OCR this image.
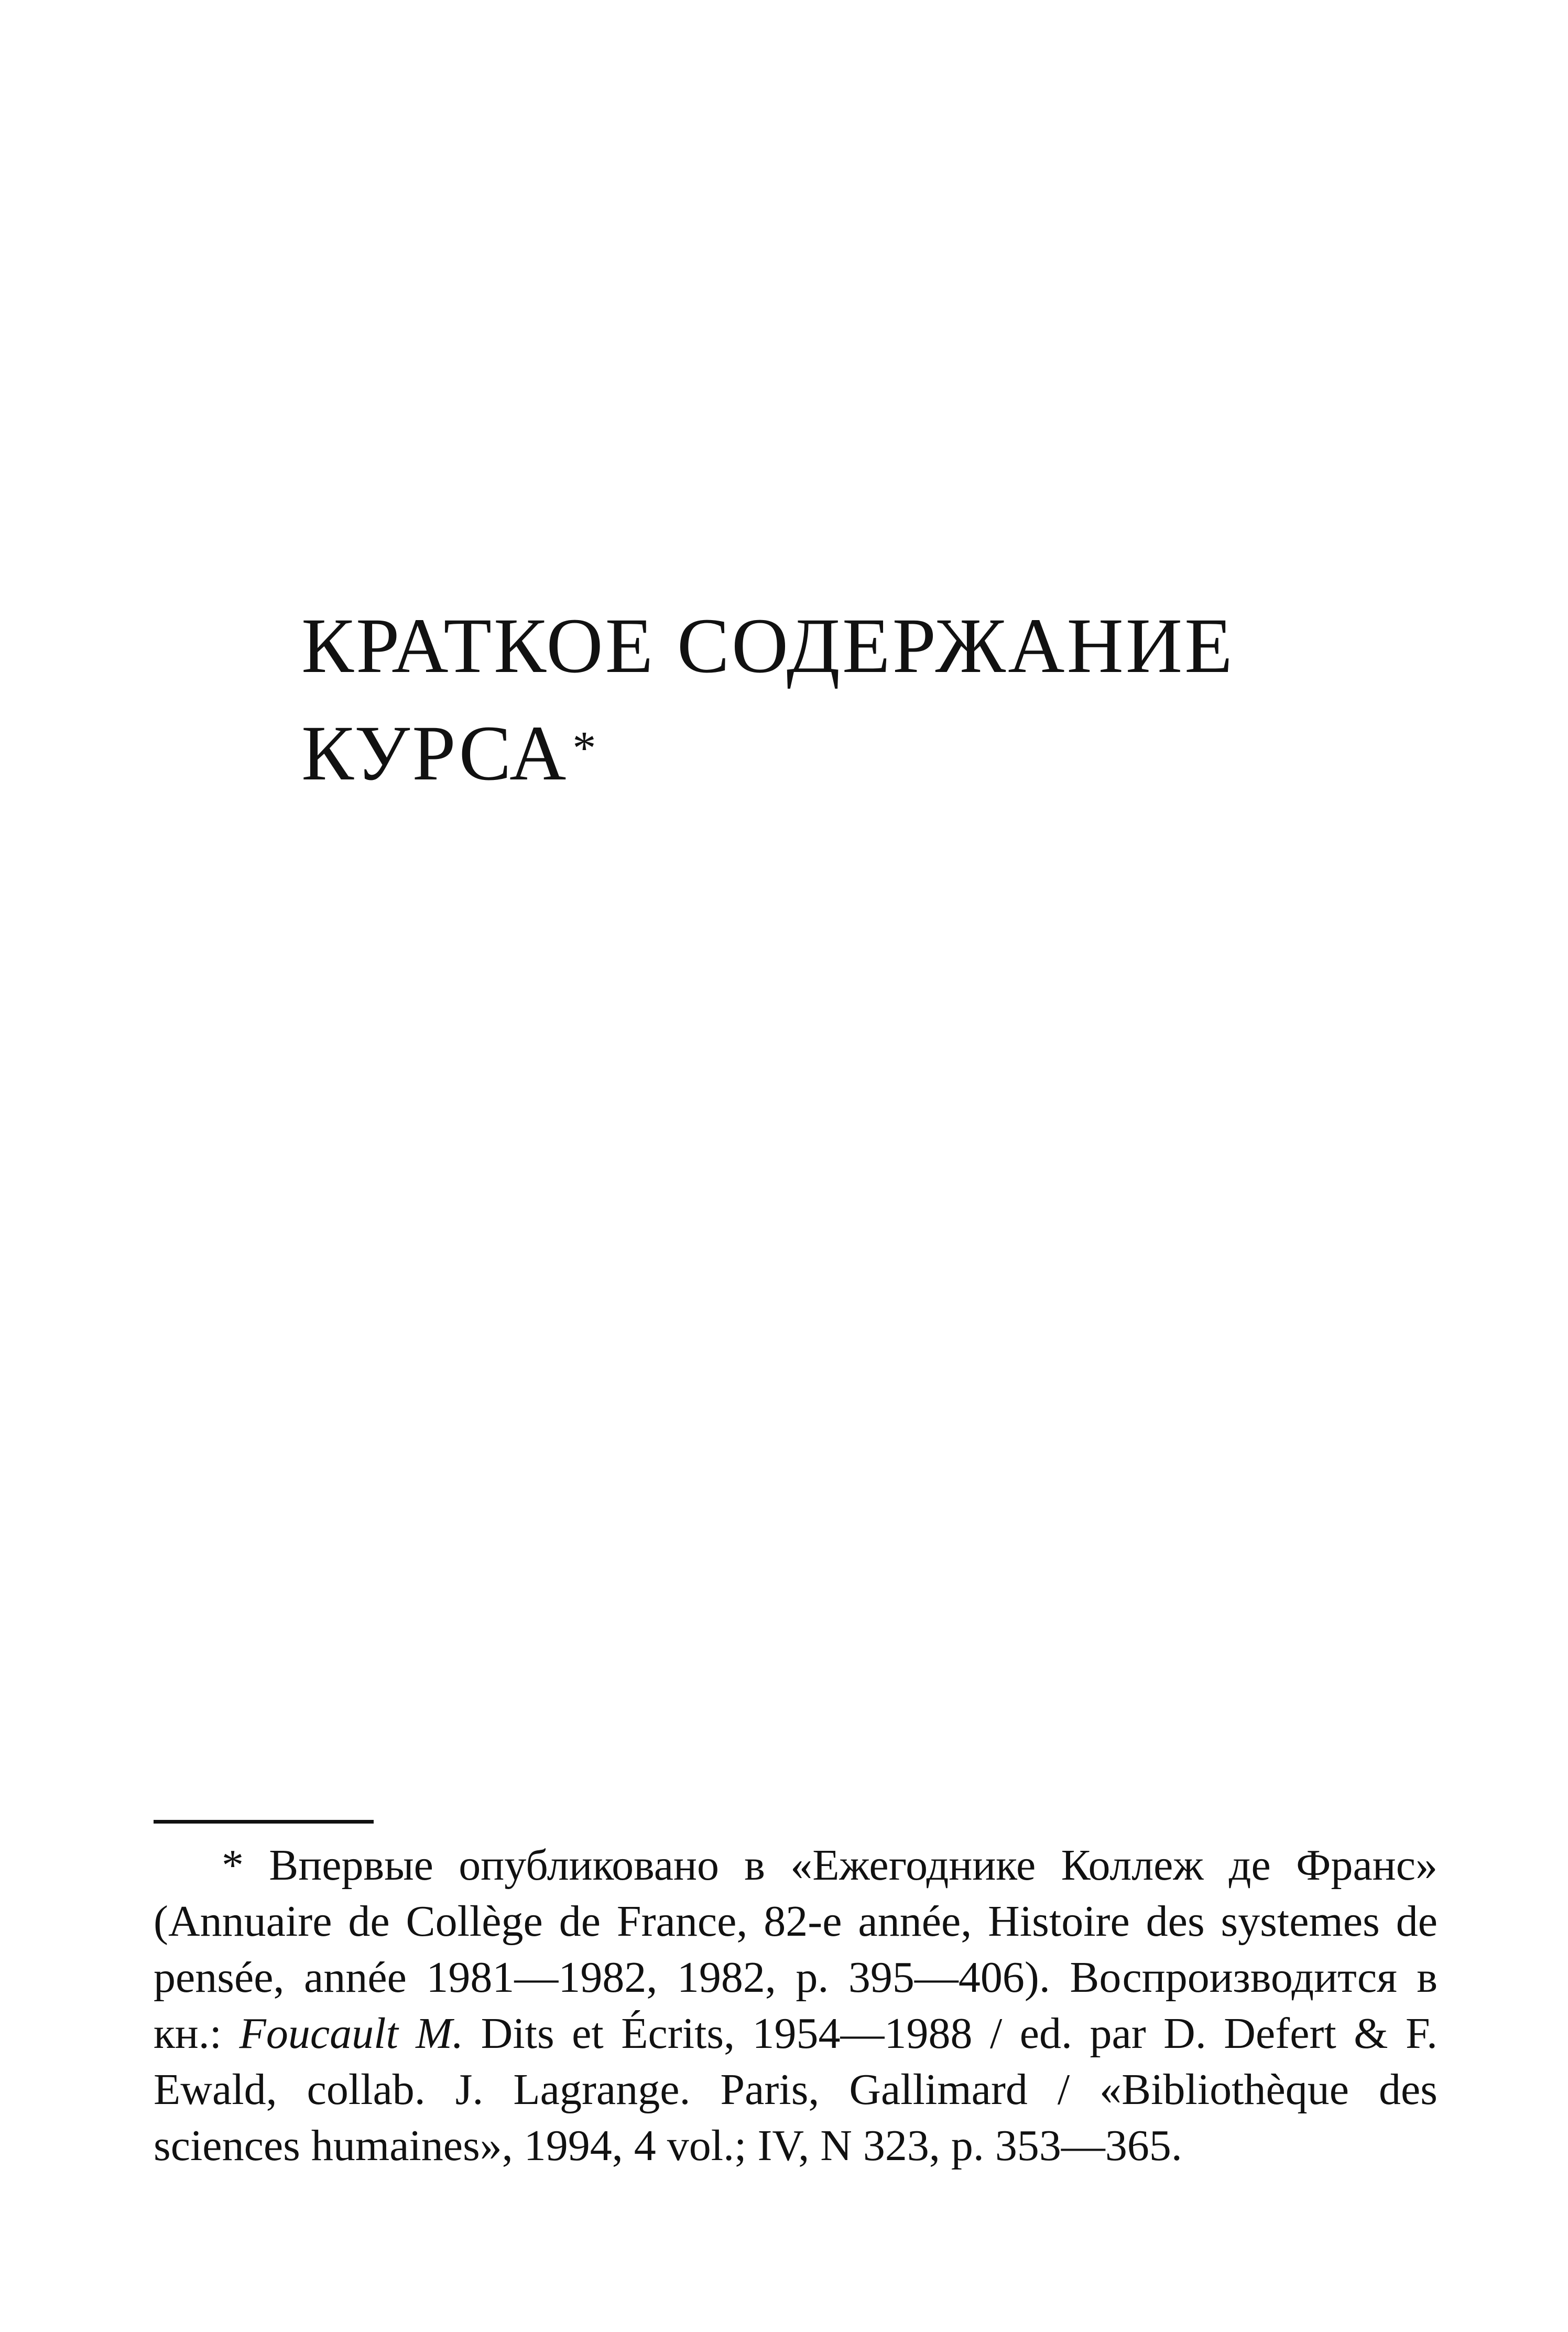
КРАТКОЕ СОДЕРЖАНИЕ
КУРСА*

* Впервые опубликовано в «Ежегоднике Коллеж де Франс» (Annuaire de Collège de France, 82-e année, Histoire des systemes de pensée, année 1981—1982, 1982, p. 395—406). Воспроизводится в кн.: Foucault M. Dits et Écrits, 1954—1988 / ed. par D. Defert & F. Ewald, collab. J. Lagrange. Paris, Gallimard / «Bibliothèque des sciences humaines», 1994, 4 vol.; IV, N 323, p. 353—365.
